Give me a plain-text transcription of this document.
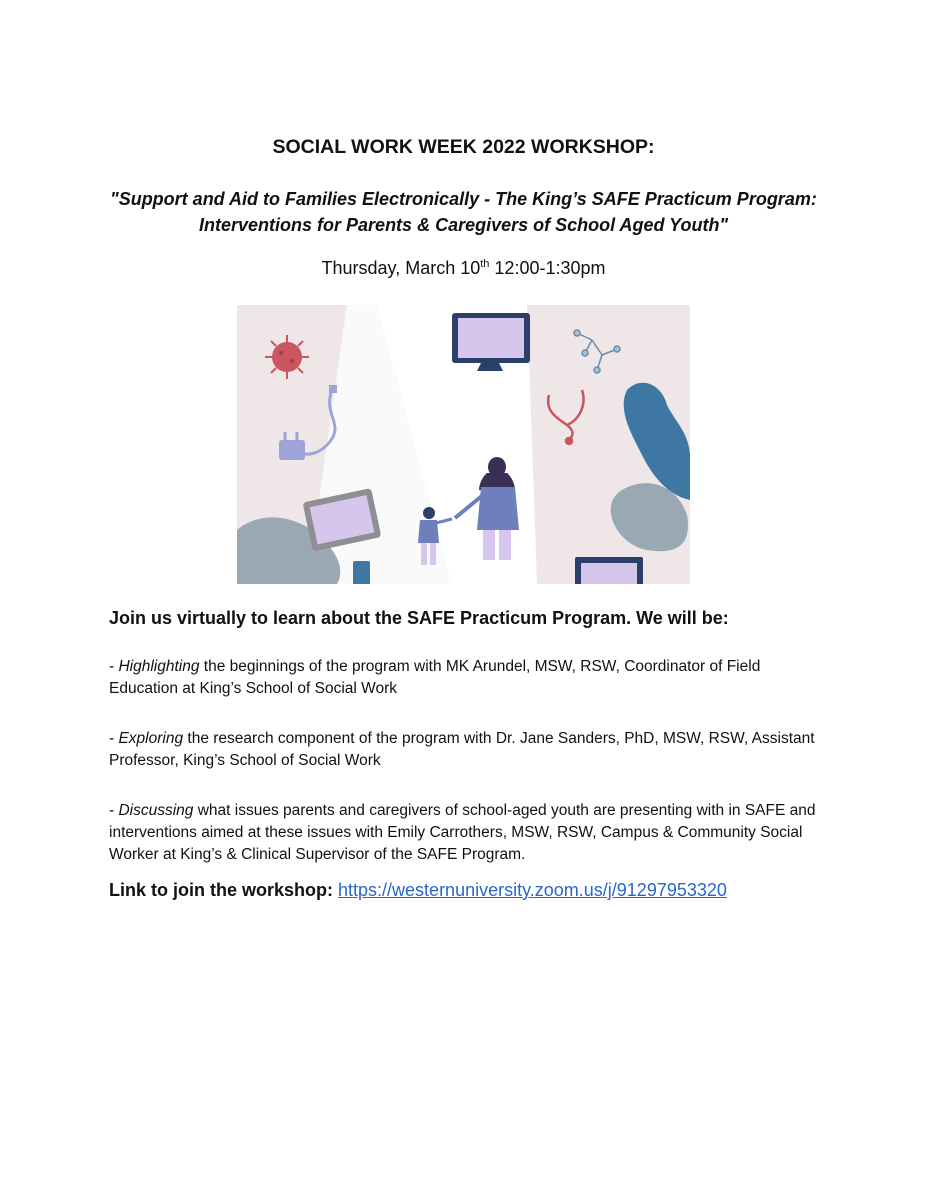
SOCIAL WORK WEEK 2022 WORKSHOP:
"Support and Aid to Families Electronically - The King’s SAFE Practicum Program: Interventions for Parents & Caregivers of School Aged Youth"

Thursday, March 10th 12:00-1:30pm

Join us virtually to learn about the SAFE Practicum Program. We will be:

- Highlighting the beginnings of the program with MK Arundel, MSW, RSW, Coordinator of Field Education at King’s School of Social Work

- Exploring the research component of the program with Dr. Jane Sanders, PhD, MSW, RSW, Assistant Professor, King’s School of Social Work

- Discussing what issues parents and caregivers of school-aged youth are presenting with in SAFE and interventions aimed at these issues with Emily Carrothers, MSW, RSW, Campus & Community Social Worker at King’s & Clinical Supervisor of the SAFE Program.

Link to join the workshop: https://westernuniversity.zoom.us/j/91297953320
